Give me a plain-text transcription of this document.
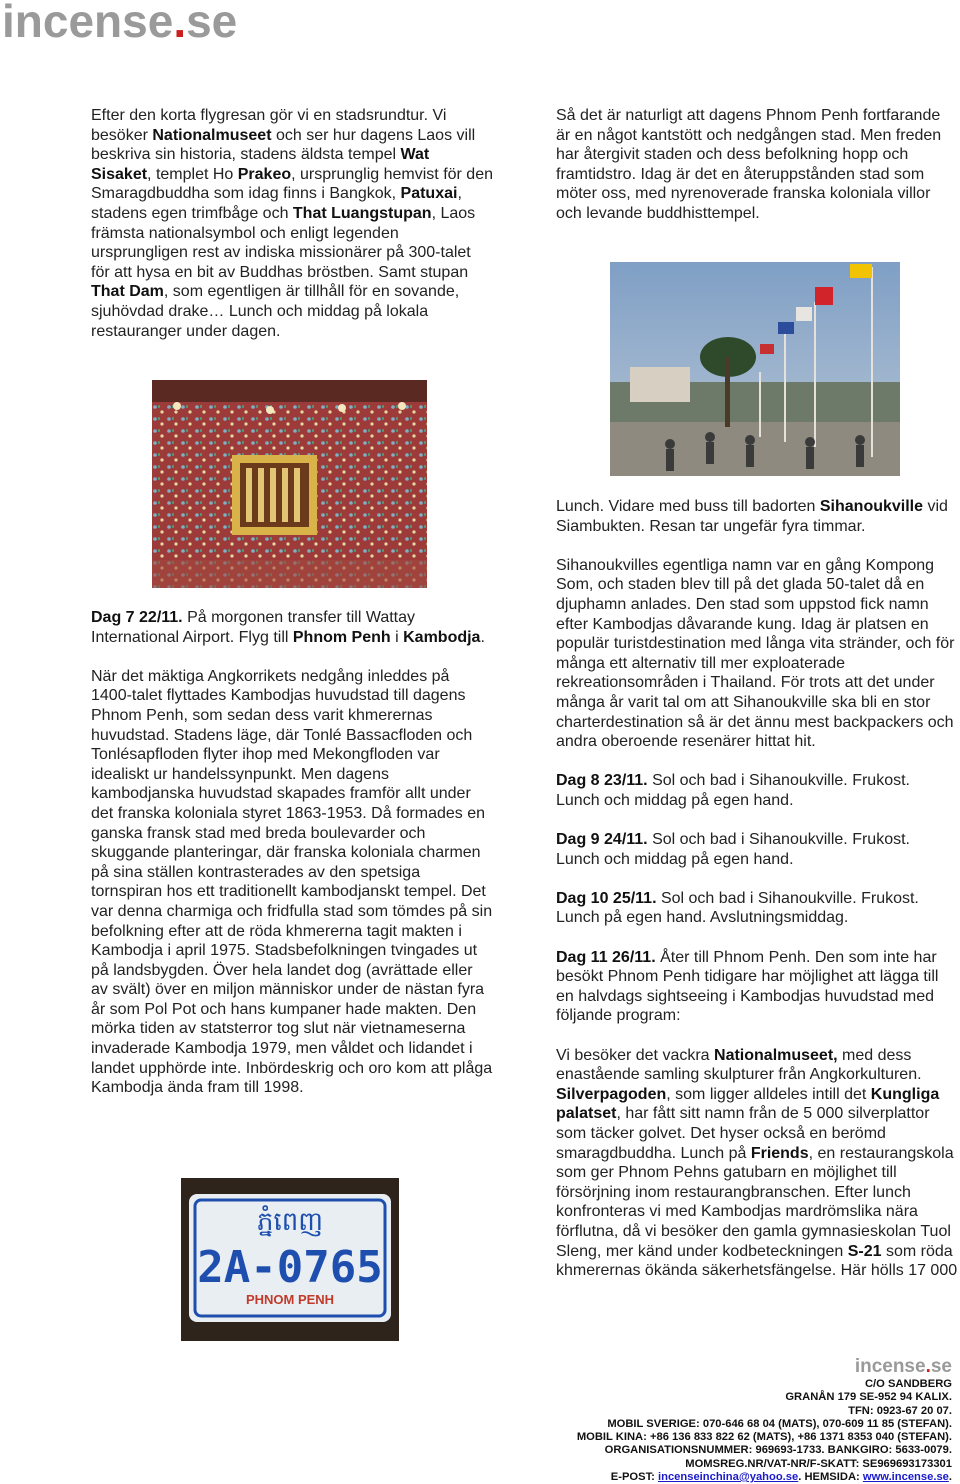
incense.se

Efter den korta flygresan gör vi en stadsrundtur. Vi besöker Nationalmuseet och ser hur dagens Laos vill beskriva sin historia, stadens äldsta tempel Wat Sisaket, templet Ho Prakeo, ursprunglig hemvist för den Smaragdbuddha som idag finns i Bangkok, Patuxai, stadens egen trimfbåge och That Luangstupan, Laos främsta nationalsymbol och enligt legenden ursprungligen rest av indiska missionärer på 300-talet för att hysa en bit av Buddhas bröstben. Samt stupan That Dam, som egentligen är tillhåll för en sovande, sjuhövdad drake… Lunch och middag på lokala restauranger under dagen.

Dag 7 22/11. På morgonen transfer till Wattay International Airport. Flyg till Phnom Penh i Kambodja.

När det mäktiga Angkorrikets nedgång inleddes på 1400-talet flyttades Kambodjas huvudstad till dagens Phnom Penh, som sedan dess varit khmerernas huvudstad. Stadens läge, där Tonlé Bassacfloden och Tonlésapfloden flyter ihop med Mekongfloden var idealiskt ur handelssynpunkt. Men dagens kambodjanska huvudstad skapades framför allt under det franska koloniala styret 1863-1953. Då formades en ganska fransk stad med breda boulevarder och skuggande planteringar, där franska koloniala charmen på sina ställen kontrasterades av den spetsiga tornspiran hos ett traditionellt kambodjanskt tempel. Det var denna charmiga och fridfulla stad som tömdes på sin befolkning efter att de röda khmererna tagit makten i Kambodja i april 1975. Stadsbefolkningen tvingades ut på landsbygden. Över hela landet dog (avrättade eller av svält) över en miljon människor under de nästan fyra år som Pol Pot och hans kumpaner hade makten. Den mörka tiden av statsterror tog slut när vietnameserna invaderade Kambodja 1979, men våldet och lidandet i landet upphörde inte. Inbördeskrig och oro kom att plåga Kambodja ända fram till 1998.

ភ្នំពេញ
2A-0765
PHNOM PENH

Så det är naturligt att dagens Phnom Penh fortfarande är en något kantstött och nedgången stad. Men freden har återgivit staden och dess befolkning hopp och framtidstro. Idag är det en återuppstånden stad som möter oss, med nyrenoverade franska koloniala villor och levande buddhisttempel.

Lunch. Vidare med buss till badorten Sihanoukville vid Siambukten. Resan tar ungefär fyra timmar.

Sihanoukvilles egentliga namn var en gång Kompong Som, och staden blev till på det glada 50-talet då en djuphamn anlades. Den stad som uppstod fick namn efter Kambodjas dåvarande kung. Idag är platsen en populär turistdestination med långa vita stränder, och för många ett alternativ till mer exploaterade rekreationsområden i Thailand. För trots att det under många år varit tal om att Sihanoukville ska bli en stor charterdestination så är det ännu mest backpackers och andra oberoende resenärer hittat hit.

Dag 8 23/11. Sol och bad i Sihanoukville. Frukost. Lunch och middag på egen hand.

Dag 9 24/11. Sol och bad i Sihanoukville. Frukost. Lunch och middag på egen hand.

Dag 10 25/11. Sol och bad i Sihanoukville. Frukost. Lunch på egen hand. Avslutningsmiddag.

Dag 11 26/11. Åter till Phnom Penh. Den som inte har besökt Phnom Penh tidigare har möjlighet att lägga till en halvdags sightseeing i Kambodjas huvudstad med följande program:

Vi besöker det vackra Nationalmuseet, med dess enastående samling skulpturer från Angkorkulturen. Silverpagoden, som ligger alldeles intill det Kungliga palatset, har fått sitt namn från de 5 000 silverplattor som täcker golvet. Det hyser också en berömd smaragdbuddha. Lunch på Friends, en restaurangskola som ger Phnom Pehns gatubarn en möjlighet till försörjning inom restaurangbranschen. Efter lunch konfronteras vi med Kambodjas mardrömslika nära förflutna, då vi besöker den gamla gymnasieskolan Tuol Sleng, mer känd under kodbeteckningen S-21 som röda khmerernas ökända säkerhetsfängelse. Här hölls 17 000

incense.se
C/O SANDBERG
GRANÅN 179 SE-952 94 KALIX.
TFN: 0923-67 20 07.
MOBIL SVERIGE: 070-646 68 04 (MATS), 070-609 11 85 (STEFAN).
MOBIL KINA: +86 136 833 822 62 (MATS), +86 1371 8353 040 (STEFAN).
ORGANISATIONSNUMMER: 969693-1733. BANKGIRO: 5633-0079.
MOMSREG.NR/VAT-NR/F-SKATT: SE969693173301
E-POST: incenseinchina@yahoo.se. HEMSIDA: www.incense.se.
